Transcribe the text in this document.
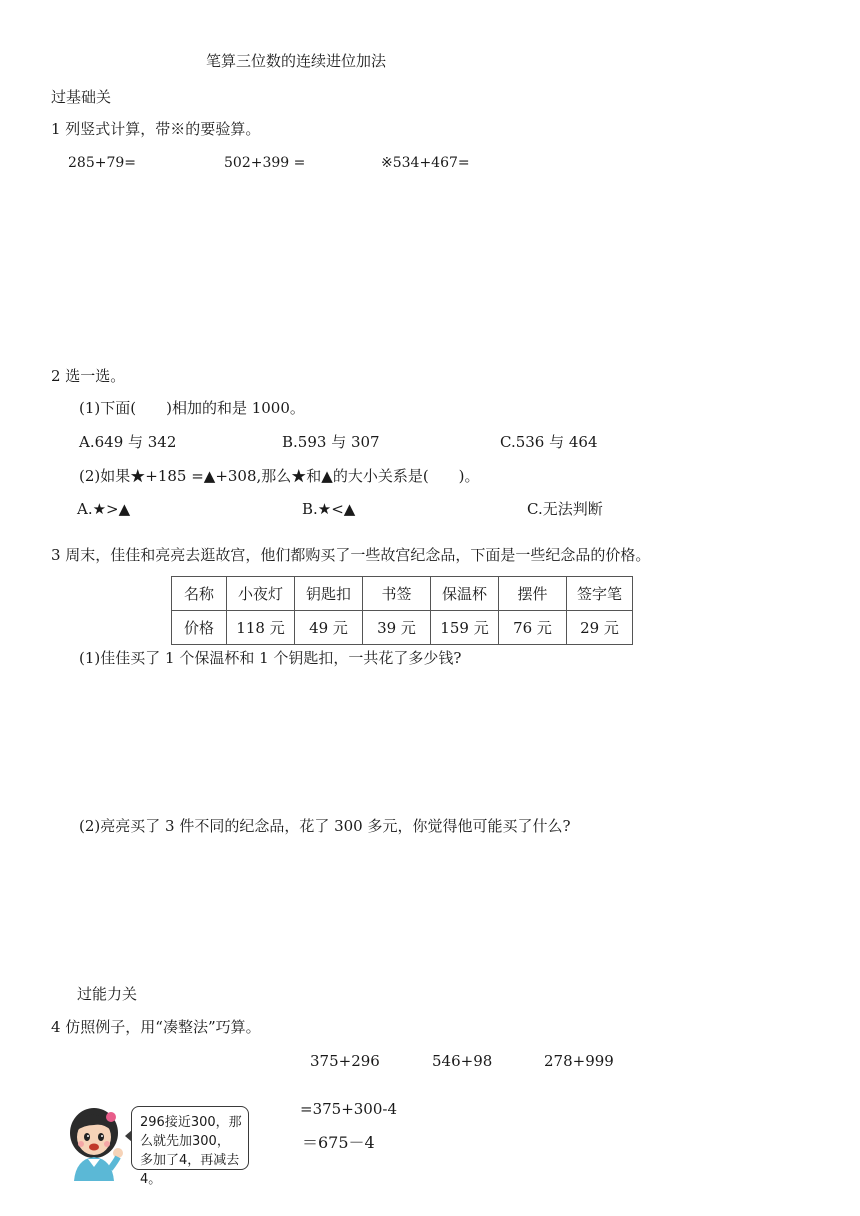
笔算三位数的连续进位加法
过基础关
1 列竖式计算，带※的要验算。
285+79=	502+399 =	※534+467=
2 选一选。
(1)下面(　　)相加的和是 1000。
A.649 与 342	B.593 与 307	C.536 与 464
(2)如果★+185 =▲+308,那么★和▲的大小关系是(　　)。
A.★>▲	B.★<▲	C.无法判断
3 周末，佳佳和亮亮去逛故宫，他们都购买了一些故宫纪念品，下面是一些纪念品的价格。
名称	小夜灯	钥匙扣	书签	保温杯	摆件	签字笔
价格	118 元	49 元	39 元	159 元	76 元	29 元
(1)佳佳买了 1 个保温杯和 1 个钥匙扣，一共花了多少钱?
(2)亮亮买了 3 件不同的纪念品，花了 300 多元，你觉得他可能买了什么?
过能力关
4 仿照例子，用“凑整法”巧算。
375+296	546+98	278+999
296接近300，那么就先加300，多加了4，再减去4。
=375+300-4
＝675－4
